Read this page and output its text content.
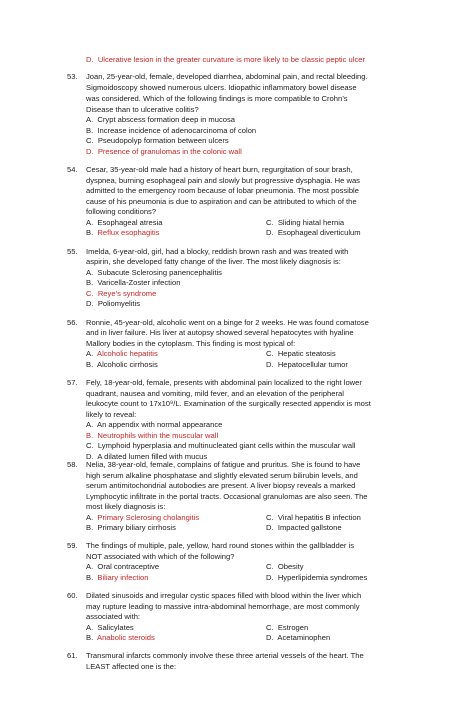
D. Ulcerative lesion in the greater curvature is more likely to be classic peptic ulcer
53. Joan, 25-year-old, female, developed diarrhea, abdominal pain, and rectal bleeding.
Sigmoidoscopy showed numerous ulcers. Idiopathic inflammatory bowel disease
was considered. Which of the following findings is more compatible to Crohn’s
Disease than to ulcerative colitis?
A. Crypt abscess formation deep in mucosa
B. Increase incidence of adenocarcinoma of colon
C. Pseudopolyp formation between ulcers
D. Presence of granulomas in the colonic wall
54. Cesar, 35-year-old male had a history of heart burn, regurgitation of sour brash,
dyspnea, burning esophageal pain and slowly but progressive dysphagia. He was
admitted to the emergency room because of lobar pneumonia. The most possible
cause of his pneumonia is due to aspiration and can be attributed to which of the
following conditions?
A. Esophageal atresia	C. Sliding hiatal hernia
B. Reflux esophagitis	D. Esophageal diverticulum
55. Imelda, 6-year-old, girl, had a blocky, reddish brown rash and was treated with
aspirin, she developed fatty change of the liver. The most likely diagnosis is:
A. Subacute Sclerosing panencephalitis
B. Varicella-Zoster infection
C. Reye’s syndrome
D. Poliomyelitis
56. Ronnie, 45-year-old, alcoholic went on a binge for 2 weeks. He was found comatose
and in liver failure. His liver at autopsy showed several hepatocytes with hyaline
Mallory bodies in the cytoplasm. This finding is most typical of:
A. Alcoholic hepatitis	C. Hepatic steatosis
B. Alcoholic cirrhosis	D. Hepatocellular tumor
57. Fely, 18-year-old, female, presents with abdominal pain localized to the right lower
quadrant, nausea and vomiting, mild fever, and an elevation of the peripheral
leukocyte count to 17x10⁹/L. Examination of the surgically resected appendix is most
likely to reveal:
A. An appendix with normal appearance
B. Neutrophils within the muscular wall
C. Lymphoid hyperplasia and multinucleated giant cells within the muscular wall
D. A dilated lumen filled with mucus
58. Nelia, 38-year-old, female, complains of fatigue and pruritus. She is found to have
high serum alkaline phosphatase and slightly elevated serum bilirubin levels, and
serum antimitochondrial autobodies are present. A liver biopsy reveals a marked
Lymphocytic infiltrate in the portal tracts. Occasional granulomas are also seen. The
most likely diagnosis is:
A. Primary Sclerosing cholangitis	C. Viral hepatitis B infection
B. Primary biliary cirrhosis	D. Impacted gallstone
59. The findings of multiple, pale, yellow, hard round stones within the gallbladder is
NOT associated with which of the following?
A. Oral contraceptive	C. Obesity
B. Biliary infection	D. Hyperlipidemia syndromes
60. Dilated sinusoids and irregular cystic spaces filled with blood within the liver which
may rupture leading to massive intra-abdominal hemorrhage, are most commonly
associated with:
A. Salicylates	C. Estrogen
B. Anabolic steroids	D. Acetaminophen
61. Transmural infarcts commonly involve these three arterial vessels of the heart. The
LEAST affected one is the:
